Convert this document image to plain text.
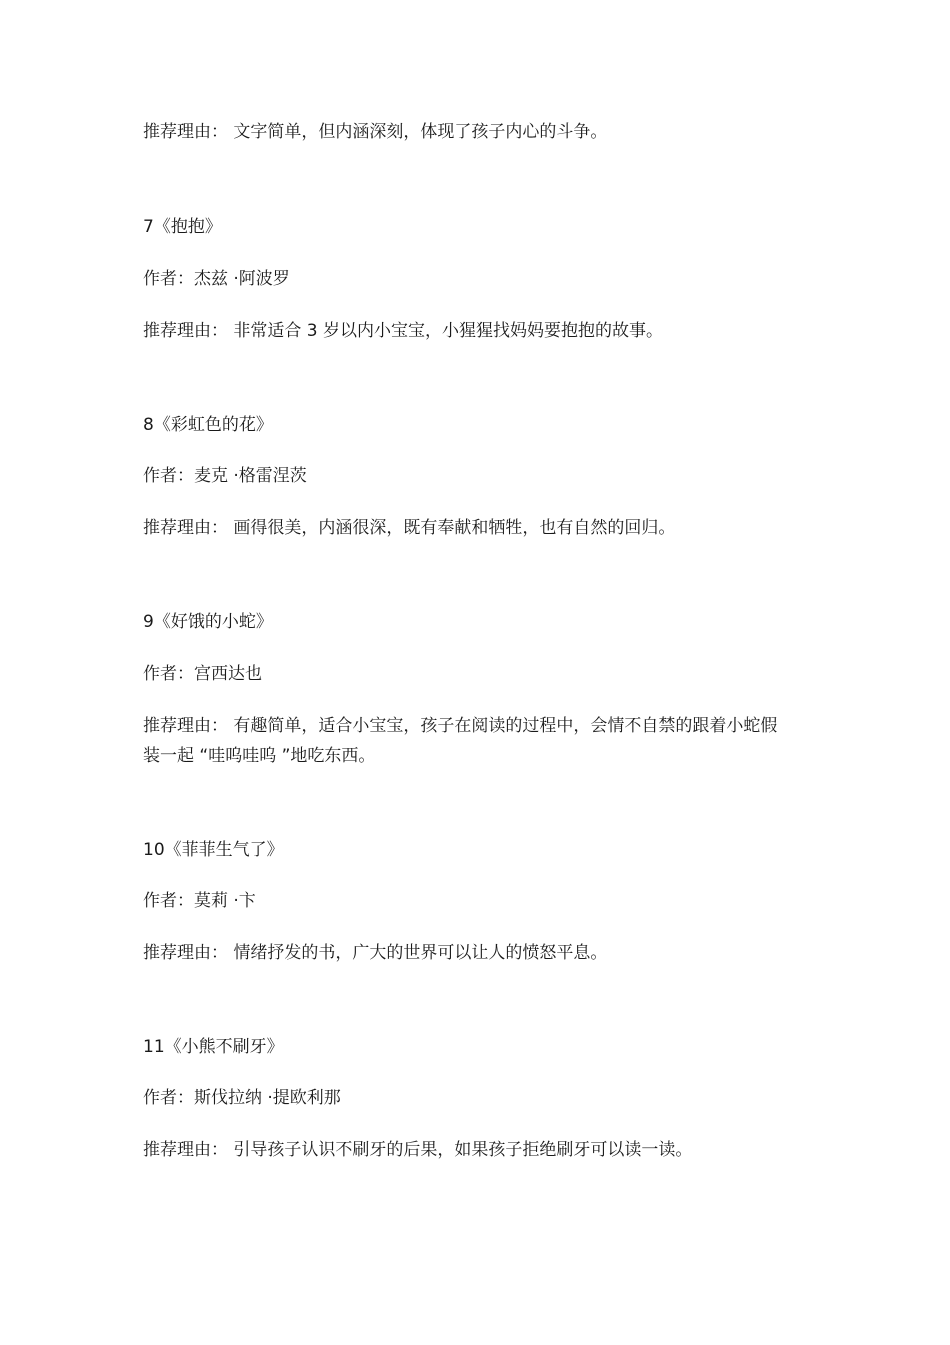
推荐理由： 文字简单，但内涵深刻，体现了孩子内心的斗争。
7《抱抱》
作者：杰兹 ·阿波罗
推荐理由： 非常适合 3 岁以内小宝宝，小猩猩找妈妈要抱抱的故事。
8《彩虹色的花》
作者：麦克 ·格雷涅茨
推荐理由： 画得很美，内涵很深，既有奉献和牺牲，也有自然的回归。
9《好饿的小蛇》
作者：宫西达也
推荐理由： 有趣简单，适合小宝宝，孩子在阅读的过程中，会情不自禁的跟着小蛇假装一起 “哇呜哇呜 ”地吃东西。
10《菲菲生气了》
作者：莫莉 ·卞
推荐理由： 情绪抒发的书，广大的世界可以让人的愤怒平息。
11《小熊不刷牙》
作者：斯伐拉纳 ·提欧利那
推荐理由： 引导孩子认识不刷牙的后果，如果孩子拒绝刷牙可以读一读。
